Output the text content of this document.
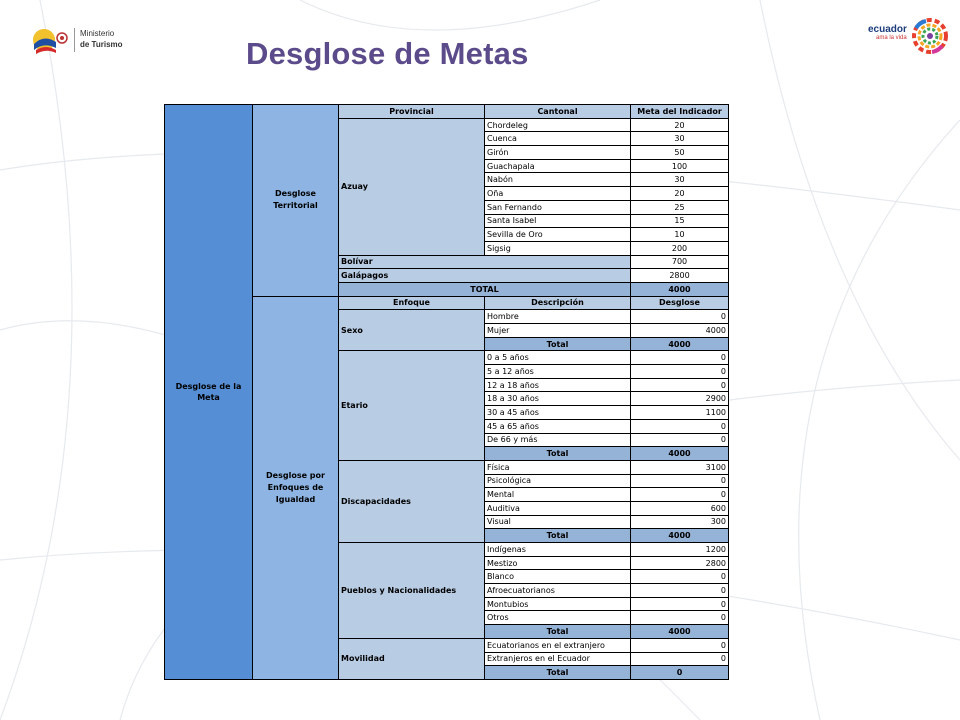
Ministerio
de Turismo
ecuador
ama la vida
Desglose de Metas
Desglose de la Meta	Desglose Territorial	Provincial	Cantonal	Meta del Indicador
		Azuay	Chordeleg	20
			Cuenca	30
			Girón	50
			Guachapala	100
			Nabón	30
			Oña	20
			San Fernando	25
			Santa Isabel	15
			Sevilla de Oro	10
			Sigsig	200
		Bolívar		700
		Galápagos		2800
		TOTAL		4000
	Desglose por Enfoques de Igualdad	Enfoque	Descripción	Desglose
		Sexo	Hombre	0
			Mujer	4000
			Total	4000
		Etario	0 a 5 años	0
			5 a 12 años	0
			12 a 18 años	0
			18 a 30 años	2900
			30 a 45 años	1100
			45 a 65 años	0
			De 66 y más	0
			Total	4000
		Discapacidades	Física	3100
			Psicológica	0
			Mental	0
			Auditiva	600
			Visual	300
			Total	4000
		Pueblos y Nacionalidades	Indígenas	1200
			Mestizo	2800
			Blanco	0
			Afroecuatorianos	0
			Montubios	0
			Otros	0
			Total	4000
		Movilidad	Ecuatorianos en el extranjero	0
			Extranjeros en el Ecuador	0
			Total	0
